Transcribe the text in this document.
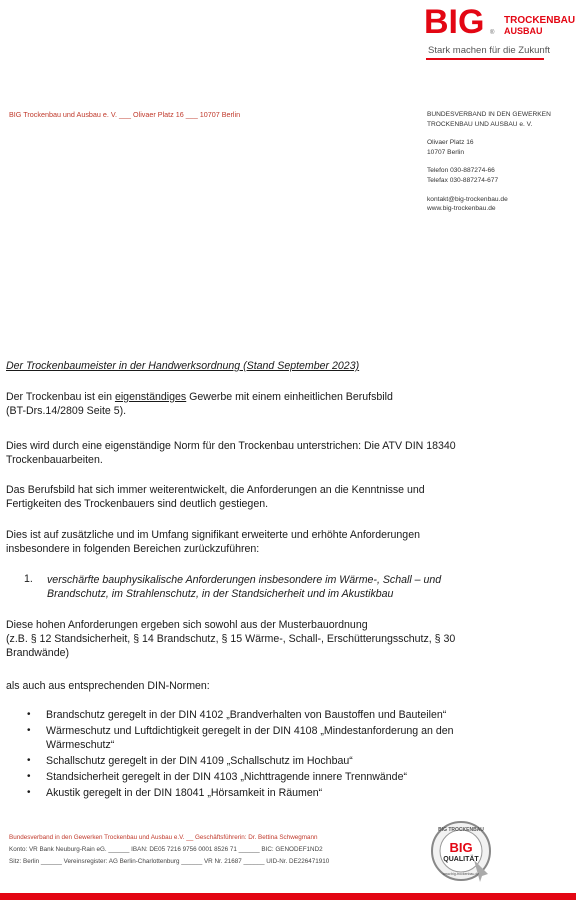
BIG ®
TROCKENBAU
AUSBAU
Stark machen für die Zukunft
BIG Trockenbau und Ausbau e. V. ___ Olivaer Platz 16 ___ 10707 Berlin	BUNDESVERBAND IN DEN GEWERKEN
TROCKENBAU UND AUSBAU e. V.
Olivaer Platz 16
10707 Berlin
Telefon 030-887274-66
Telefax 030-887274-677
kontakt@big-trockenbau.de
www.big-trockenbau.de
Der Trockenbaumeister in der Handwerksordnung (Stand September 2023)
Der Trockenbau ist ein eigenständiges Gewerbe mit einem einheitlichen Berufsbild
(BT-Drs.14/2809 Seite 5).
Dies wird durch eine eigenständige Norm für den Trockenbau unterstrichen: Die ATV DIN 18340
Trockenbauarbeiten.
Das Berufsbild hat sich immer weiterentwickelt, die Anforderungen an die Kenntnisse und
Fertigkeiten des Trockenbauers sind deutlich gestiegen.
Dies ist auf zusätzliche und im Umfang signifikant erweiterte und erhöhte Anforderungen
insbesondere in folgenden Bereichen zurückzuführen:
1. verschärfte bauphysikalische Anforderungen insbesondere im Wärme-, Schall – und
Brandschutz, im Strahlenschutz, in der Standsicherheit und im Akustikbau
Diese hohen Anforderungen ergeben sich sowohl aus der Musterbauordnung
(z.B. § 12 Standsicherheit, § 14 Brandschutz, § 15 Wärme-, Schall-, Erschütterungsschutz, § 30
Brandwände)
als auch aus entsprechenden DIN-Normen:
• Brandschutz geregelt in der DIN 4102 „Brandverhalten von Baustoffen und Bauteilen“
• Wärmeschutz und Luftdichtigkeit geregelt in der DIN 4108 „Mindestanforderung an den
Wärmeschutz“
• Schallschutz geregelt in der DIN 4109 „Schallschutz im Hochbau“
• Standsicherheit geregelt in der DIN 4103 „Nichttragende innere Trennwände“
• Akustik geregelt in der DIN 18041 „Hörsamkeit in Räumen“
Bundesverband in den Gewerken Trockenbau und Ausbau e.V. __ Geschäftsführerin: Dr. Bettina Schwegmann
Konto: VR Bank Neuburg-Rain eG. ______ IBAN: DE05 7216 9756 0001 8526 71 ______ BIC: GENODEF1ND2
Sitz: Berlin ______ Vereinsregister: AG Berlin-Charlottenburg ______ VR Nr. 21687 ______ UID-Nr. DE226471910
BIG TROCKENBAU
BIG
QUALITÄT
www.big-trockenbau.de
